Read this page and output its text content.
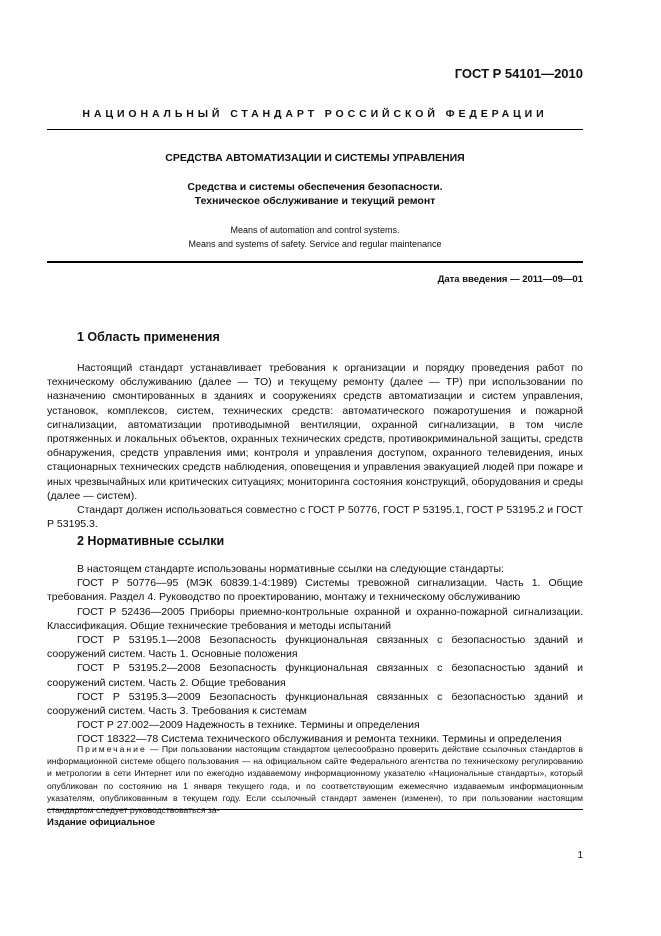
ГОСТ Р 54101—2010
НАЦИОНАЛЬНЫЙ СТАНДАРТ РОССИЙСКОЙ ФЕДЕРАЦИИ
СРЕДСТВА АВТОМАТИЗАЦИИ И СИСТЕМЫ УПРАВЛЕНИЯ
Средства и системы обеспечения безопасности.
Техническое обслуживание и текущий ремонт
Means of automation and control systems.
Means and systems of safety. Service and regular maintenance
Дата введения — 2011—09—01
1 Область применения

Настоящий стандарт устанавливает требования к организации и порядку проведения работ по техническому обслуживанию (далее — ТО) и текущему ремонту (далее — ТР) при использовании по назначению смонтированных в зданиях и сооружениях средств автоматизации и систем управления, установок, комплексов, систем, технических средств: автоматического пожаротушения и пожарной сигнализации, автоматизации противодымной вентиляции, охранной сигнализации, в том числе протяженных и локальных объектов, охранных технических средств, противокриминальной защиты, средств обнаружения, средств управления ими; контроля и управления доступом, охранного телевидения, иных стационарных технических средств наблюдения, оповещения и управления эвакуацией людей при пожаре и иных чрезвычайных или критических ситуациях; мониторинга состояния конструкций, оборудования и среды (далее — систем).

Стандарт должен использоваться совместно с ГОСТ Р 50776, ГОСТ Р 53195.1, ГОСТ Р 53195.2 и ГОСТ Р 53195.3.

2 Нормативные ссылки

В настоящем стандарте использованы нормативные ссылки на следующие стандарты:

ГОСТ Р 50776—95 (МЭК 60839.1-4:1989) Системы тревожной сигнализации. Часть 1. Общие требования. Раздел 4. Руководство по проектированию, монтажу и техническому обслуживанию

ГОСТ Р 52436—2005 Приборы приемно-контрольные охранной и охранно-пожарной сигнализации. Классификация. Общие технические требования и методы испытаний

ГОСТ Р 53195.1—2008 Безопасность функциональная связанных с безопасностью зданий и сооружений систем. Часть 1. Основные положения

ГОСТ Р 53195.2—2008 Безопасность функциональная связанных с безопасностью зданий и сооружений систем. Часть 2. Общие требования

ГОСТ Р 53195.3—2009 Безопасность функциональная связанных с безопасностью зданий и сооружений систем. Часть 3. Требования к системам

ГОСТ Р 27.002—2009 Надежность в технике. Термины и определения

ГОСТ 18322—78 Система технического обслуживания и ремонта техники. Термины и определения

Примечание — При пользовании настоящим стандартом целесообразно проверить действие ссылочных стандартов в информационной системе общего пользования — на официальном сайте Федерального агентства по техническому регулированию и метрологии в сети Интернет или по ежегодно издаваемому информационному указателю «Национальные стандарты», который опубликован по состоянию на 1 января текущего года, и по соответствующим ежемесячно издаваемым информационным указателям, опубликованным в текущем году. Если ссылочный стандарт заменен (изменен), то при пользовании настоящим стандартом следует руководствоваться за-
Издание официальное
1
